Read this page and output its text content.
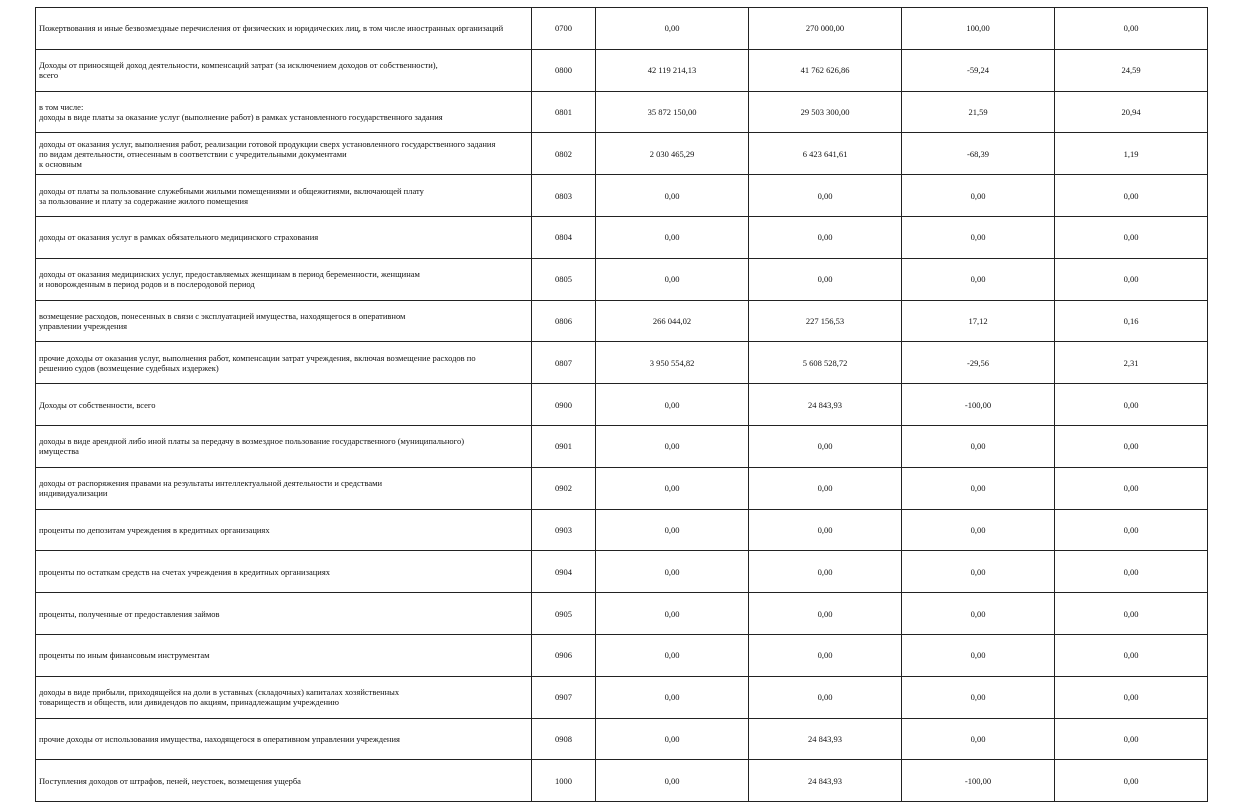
Пожертвования и иные безвозмездные перечисления от физических и юридических лиц, в том числе иностранных организаций	0700	0,00	270 000,00	100,00	0,00
Доходы от приносящей доход деятельности, компенсаций затрат (за исключением доходов от собственности),
всего	0800	42 119 214,13	41 762 626,86	-59,24	24,59
в том числе:
доходы в виде платы за оказание услуг (выполнение работ) в рамках установленного государственного задания	0801	35 872 150,00	29 503 300,00	21,59	20,94
доходы от оказания услуг, выполнения работ, реализации готовой продукции сверх установленного государственного задания
по видам деятельности, отнесенным в соответствии с учредительными документами
к основным	0802	2 030 465,29	6 423 641,61	-68,39	1,19
доходы от платы за пользование служебными жилыми помещениями и общежитиями, включающей плату
за пользование и плату за содержание жилого помещения	0803	0,00	0,00	0,00	0,00
доходы от оказания услуг в рамках обязательного медицинского страхования	0804	0,00	0,00	0,00	0,00
доходы от оказания медицинских услуг, предоставляемых женщинам в период беременности, женщинам
и новорожденным в период родов и в послеродовой период	0805	0,00	0,00	0,00	0,00
возмещение расходов, понесенных в связи с эксплуатацией имущества, находящегося в оперативном
управлении учреждения	0806	266 044,02	227 156,53	17,12	0,16
прочие доходы от оказания услуг, выполнения работ, компенсации затрат учреждения, включая возмещение расходов по
решению судов (возмещение судебных издержек)	0807	3 950 554,82	5 608 528,72	-29,56	2,31
Доходы от собственности, всего	0900	0,00	24 843,93	-100,00	0,00
доходы в виде арендной либо иной платы за передачу в возмездное пользование государственного (муниципального)
имущества	0901	0,00	0,00	0,00	0,00
доходы от распоряжения правами на результаты интеллектуальной деятельности и средствами
индивидуализации	0902	0,00	0,00	0,00	0,00
проценты по депозитам учреждения в кредитных организациях	0903	0,00	0,00	0,00	0,00
проценты по остаткам средств на счетах учреждения в кредитных организациях	0904	0,00	0,00	0,00	0,00
проценты, полученные от предоставления займов	0905	0,00	0,00	0,00	0,00
проценты по иным финансовым инструментам	0906	0,00	0,00	0,00	0,00
доходы в виде прибыли, приходящейся на доли в уставных (складочных) капиталах хозяйственных
товариществ и обществ, или дивидендов по акциям, принадлежащим учреждению	0907	0,00	0,00	0,00	0,00
прочие доходы от использования имущества, находящегося в оперативном управлении учреждения	0908	0,00	24 843,93	0,00	0,00
Поступления доходов от штрафов, пеней, неустоек, возмещения ущерба	1000	0,00	24 843,93	-100,00	0,00
